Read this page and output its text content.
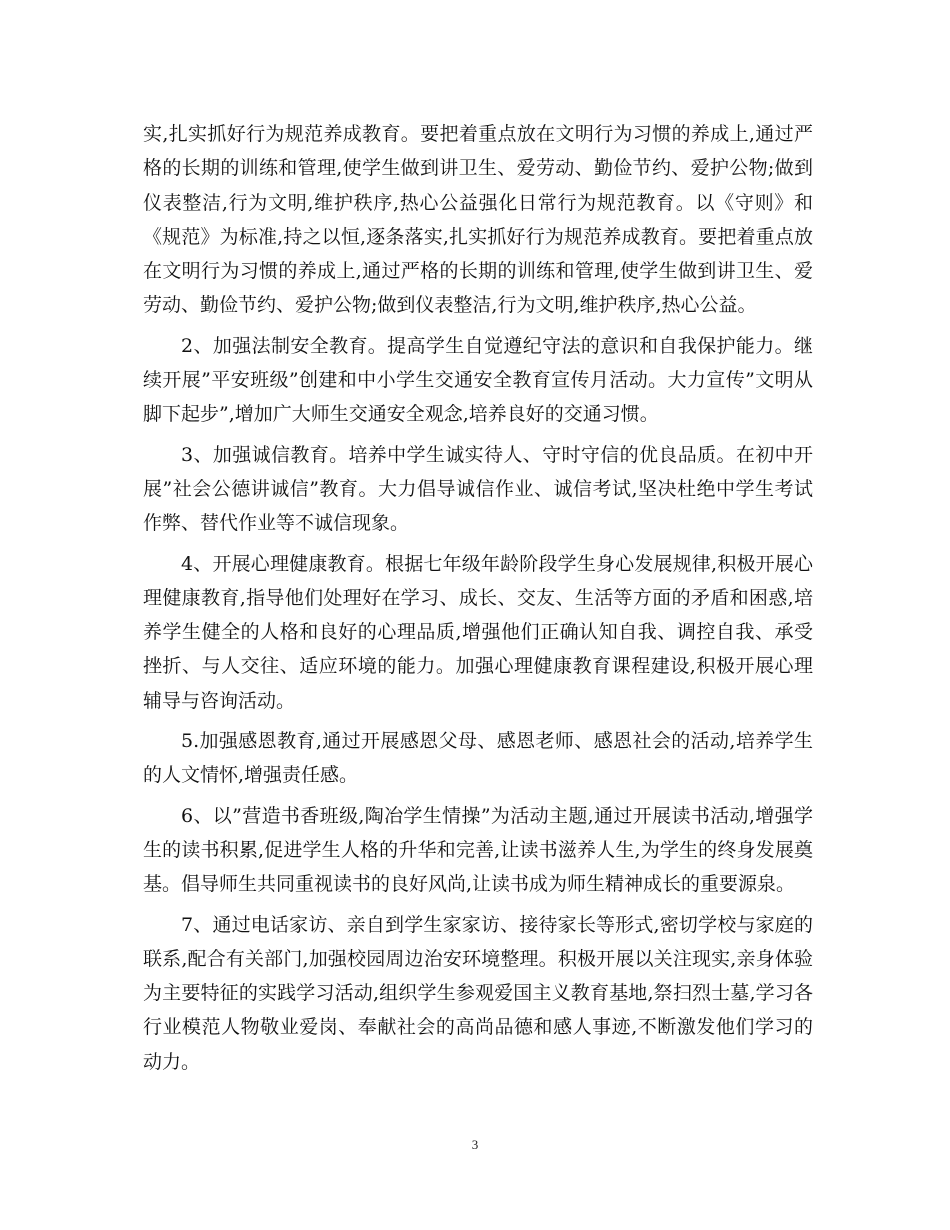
实,扎实抓好行为规范养成教育。要把着重点放在文明行为习惯的养成上,通过严格的长期的训练和管理,使学生做到讲卫生、爱劳动、勤俭节约、爱护公物;做到仪表整洁,行为文明,维护秩序,热心公益强化日常行为规范教育。以《守则》和《规范》为标准,持之以恒,逐条落实,扎实抓好行为规范养成教育。要把着重点放在文明行为习惯的养成上,通过严格的长期的训练和管理,使学生做到讲卫生、爱劳动、勤俭节约、爱护公物;做到仪表整洁,行为文明,维护秩序,热心公益。

2、加强法制安全教育。提高学生自觉遵纪守法的意识和自我保护能力。继续开展”平安班级”创建和中小学生交通安全教育宣传月活动。大力宣传”文明从脚下起步”,增加广大师生交通安全观念,培养良好的交通习惯。

3、加强诚信教育。培养中学生诚实待人、守时守信的优良品质。在初中开展”社会公德讲诚信”教育。大力倡导诚信作业、诚信考试,坚决杜绝中学生考试作弊、替代作业等不诚信现象。

4、开展心理健康教育。根据七年级年龄阶段学生身心发展规律,积极开展心理健康教育,指导他们处理好在学习、成长、交友、生活等方面的矛盾和困惑,培养学生健全的人格和良好的心理品质,增强他们正确认知自我、调控自我、承受挫折、与人交往、适应环境的能力。加强心理健康教育课程建设,积极开展心理辅导与咨询活动。

5.加强感恩教育,通过开展感恩父母、感恩老师、感恩社会的活动,培养学生的人文情怀,增强责任感。

6、以”营造书香班级,陶冶学生情操”为活动主题,通过开展读书活动,增强学生的读书积累,促进学生人格的升华和完善,让读书滋养人生,为学生的终身发展奠基。倡导师生共同重视读书的良好风尚,让读书成为师生精神成长的重要源泉。

7、通过电话家访、亲自到学生家家访、接待家长等形式,密切学校与家庭的联系,配合有关部门,加强校园周边治安环境整理。积极开展以关注现实,亲身体验为主要特征的实践学习活动,组织学生参观爱国主义教育基地,祭扫烈士墓,学习各行业模范人物敬业爱岗、奉献社会的高尚品德和感人事迹,不断激发他们学习的动力。

3
